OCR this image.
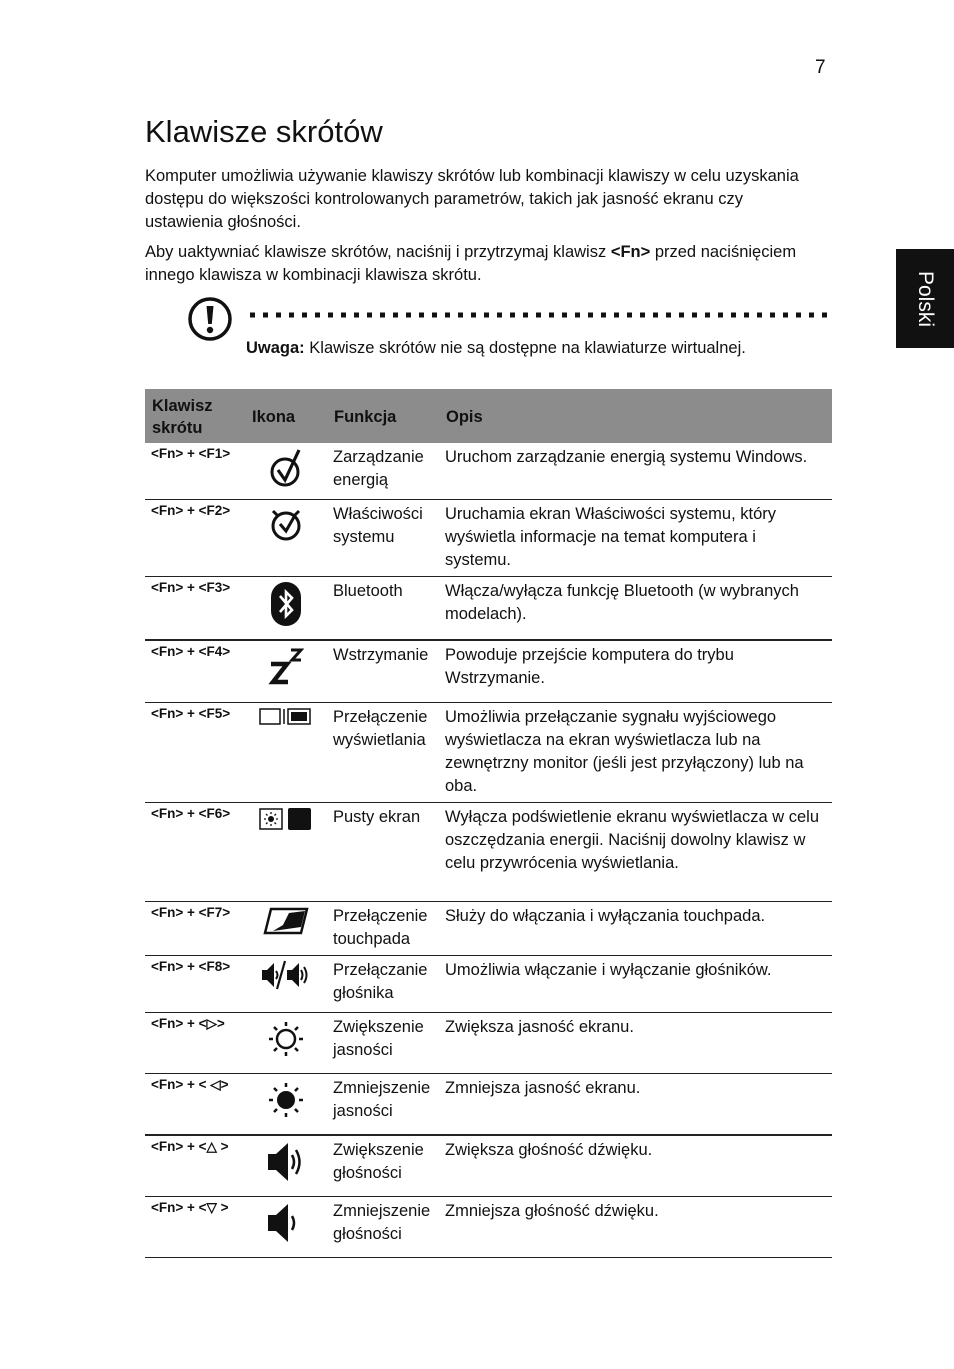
7
Klawisze skrótów

Komputer umożliwia używanie klawiszy skrótów lub kombinacji klawiszy w celu uzyskania dostępu do większości kontrolowanych parametrów, takich jak jasność ekranu czy ustawienia głośności.

Aby uaktywniać klawisze skrótów, naciśnij i przytrzymaj klawisz <Fn> przed naciśnięciem innego klawisza w kombinacji klawisza skrótu.	Polski

Uwaga: Klawisze skrótów nie są dostępne na klawiaturze wirtualnej.

Klawisz skrótu	Ikona	Funkcja	Opis
<Fn> + <F1>		Zarządzanie energią	Uruchom zarządzanie energią systemu Windows.
<Fn> + <F2>		Właściwości systemu	Uruchamia ekran Właściwości systemu, który wyświetla informacje na temat komputera i systemu.
<Fn> + <F3>		Bluetooth	Włącza/wyłącza funkcję Bluetooth (w wybranych modelach).
<Fn> + <F4>		Wstrzymanie	Powoduje przejście komputera do trybu Wstrzymanie.
<Fn> + <F5>		Przełączenie wyświetlania	Umożliwia przełączanie sygnału wyjściowego wyświetlacza na ekran wyświetlacza lub na zewnętrzny monitor (jeśli jest przyłączony) lub na oba.
<Fn> + <F6>		Pusty ekran	Wyłącza podświetlenie ekranu wyświetlacza w celu oszczędzania energii. Naciśnij dowolny klawisz w celu przywrócenia wyświetlania.
<Fn> + <F7>		Przełączenie touchpada	Służy do włączania i wyłączania touchpada.
<Fn> + <F8>		Przełączanie głośnika	Umożliwia włączanie i wyłączanie głośników.
<Fn> + <▷>		Zwiększenie jasności	Zwiększa jasność ekranu.
<Fn> + < ◁>		Zmniejszenie jasności	Zmniejsza jasność ekranu.
<Fn> + <△ >		Zwiększenie głośności	Zwiększa głośność dźwięku.
<Fn> + <▽ >		Zmniejszenie głośności	Zmniejsza głośność dźwięku.
